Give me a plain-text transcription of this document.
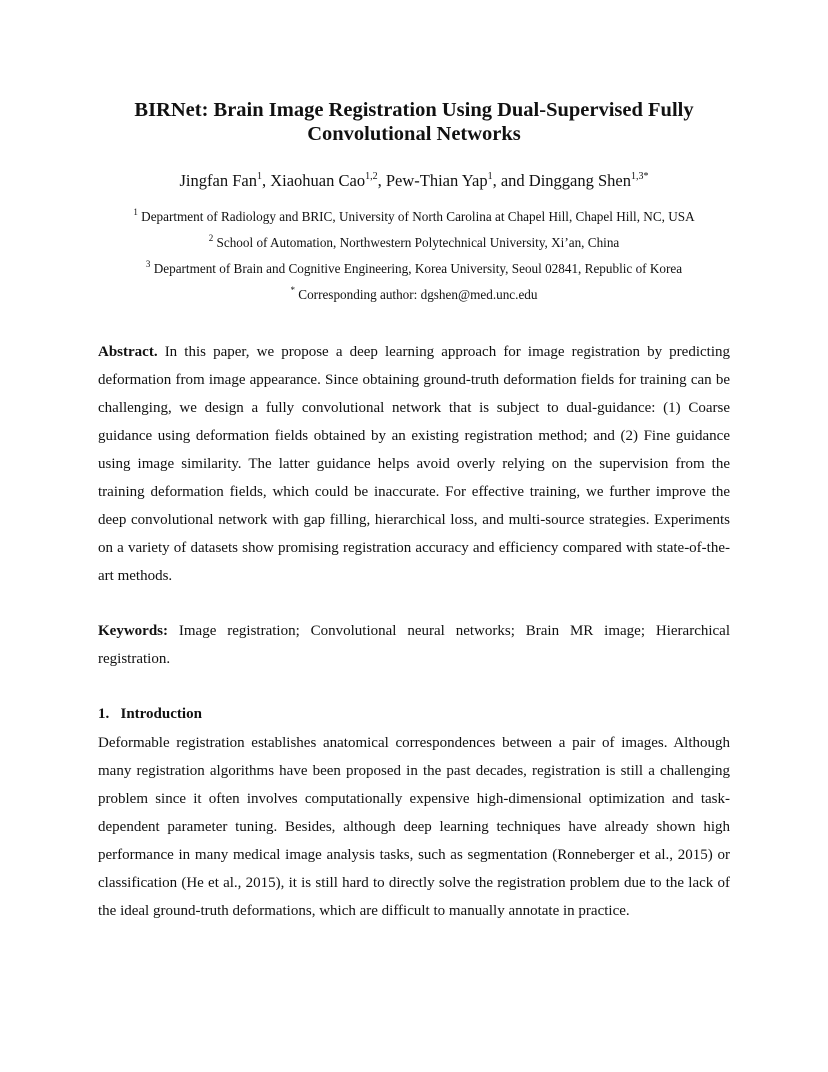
BIRNet: Brain Image Registration Using Dual-Supervised Fully
Convolutional Networks
Jingfan Fan$^1$, Xiaohuan Cao$^{1,2}$, Pew-Thian Yap$^1$, and Dinggang Shen$^{1,3*}$
$^1$ Department of Radiology and BRIC, University of North Carolina at Chapel Hill, Chapel Hill, NC, USA
$^2$ School of Automation, Northwestern Polytechnical University, Xi’an, China
$^3$ Department of Brain and Cognitive Engineering, Korea University, Seoul 02841, Republic of Korea
* Corresponding author: dgshen@med.unc.edu

Abstract. In this paper, we propose a deep learning approach for image registration by predicting deformation from image appearance. Since obtaining ground-truth deformation fields for training can be challenging, we design a fully convolutional network that is subject to dual-guidance: (1) Coarse guidance using deformation fields obtained by an existing registration method; and (2) Fine guidance using image similarity. The latter guidance helps avoid overly relying on the supervision from the training deformation fields, which could be inaccurate. For effective training, we further improve the deep convolutional network with gap filling, hierarchical loss, and multi-source strategies. Experiments on a variety of datasets show promising registration accuracy and efficiency compared with state-of-the-art methods.

Keywords: Image registration; Convolutional neural networks; Brain MR image; Hierarchical registration.

1. Introduction

Deformable registration establishes anatomical correspondences between a pair of images. Although many registration algorithms have been proposed in the past decades, registration is still a challenging problem since it often involves computationally expensive high-dimensional optimization and task-dependent parameter tuning. Besides, although deep learning techniques have already shown high performance in many medical image analysis tasks, such as segmentation (Ronneberger et al., 2015) or classification (He et al., 2015), it is still hard to directly solve the registration problem due to the lack of the ideal ground-truth deformations, which are difficult to manually annotate in practice.
